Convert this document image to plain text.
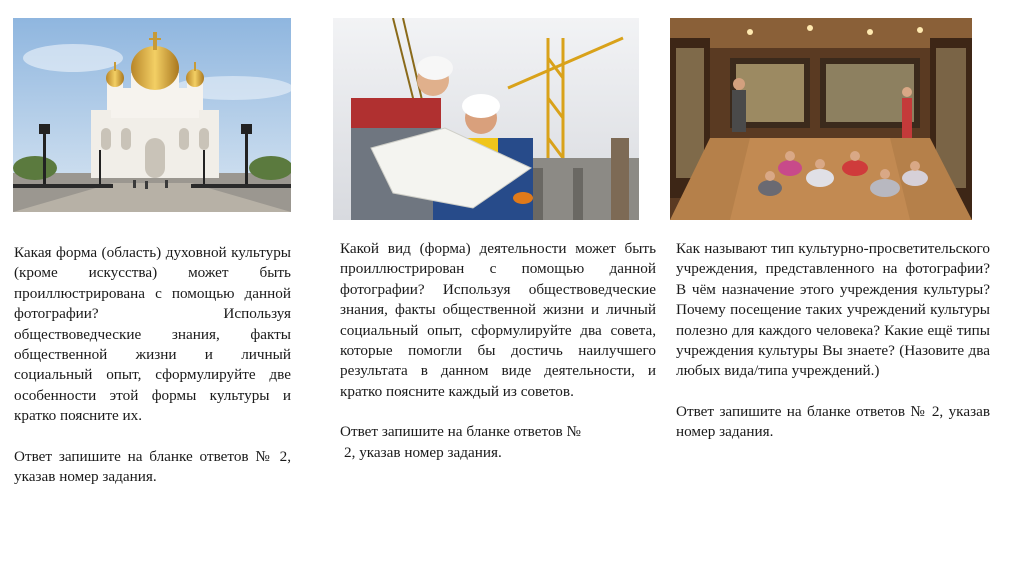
Какая форма (область) духовной культуры (кроме искусства) может быть проиллюстрирована с помощью данной фотографии? Используя обществоведческие знания, факты общественной жизни и личный социальный опыт, сформулируйте две особенности этой формы культуры и кратко поясните их.

Ответ запишите на бланке ответов № 2, указав номер задания.

Какой вид (форма) деятельности может быть проиллюстрирован с помощью данной фотографии? Используя обществоведческие знания, факты общественной жизни и личный социальный опыт, сформулируйте два совета, которые помогли бы достичь наилучшего результата в данном виде деятельности, и кратко поясните каждый из советов.

Ответ запишите на бланке ответов №
2, указав номер задания.

Как называют тип культурно-просветительского учреждения, представленного на фотографии? В чём назначение этого учреждения культуры? Почему посещение таких учреждений культуры полезно для каждого человека? Какие ещё типы учреждения культуры Вы знаете? (Назовите два любых вида/типа учреждений.)

Ответ запишите на бланке ответов № 2, указав номер задания.
